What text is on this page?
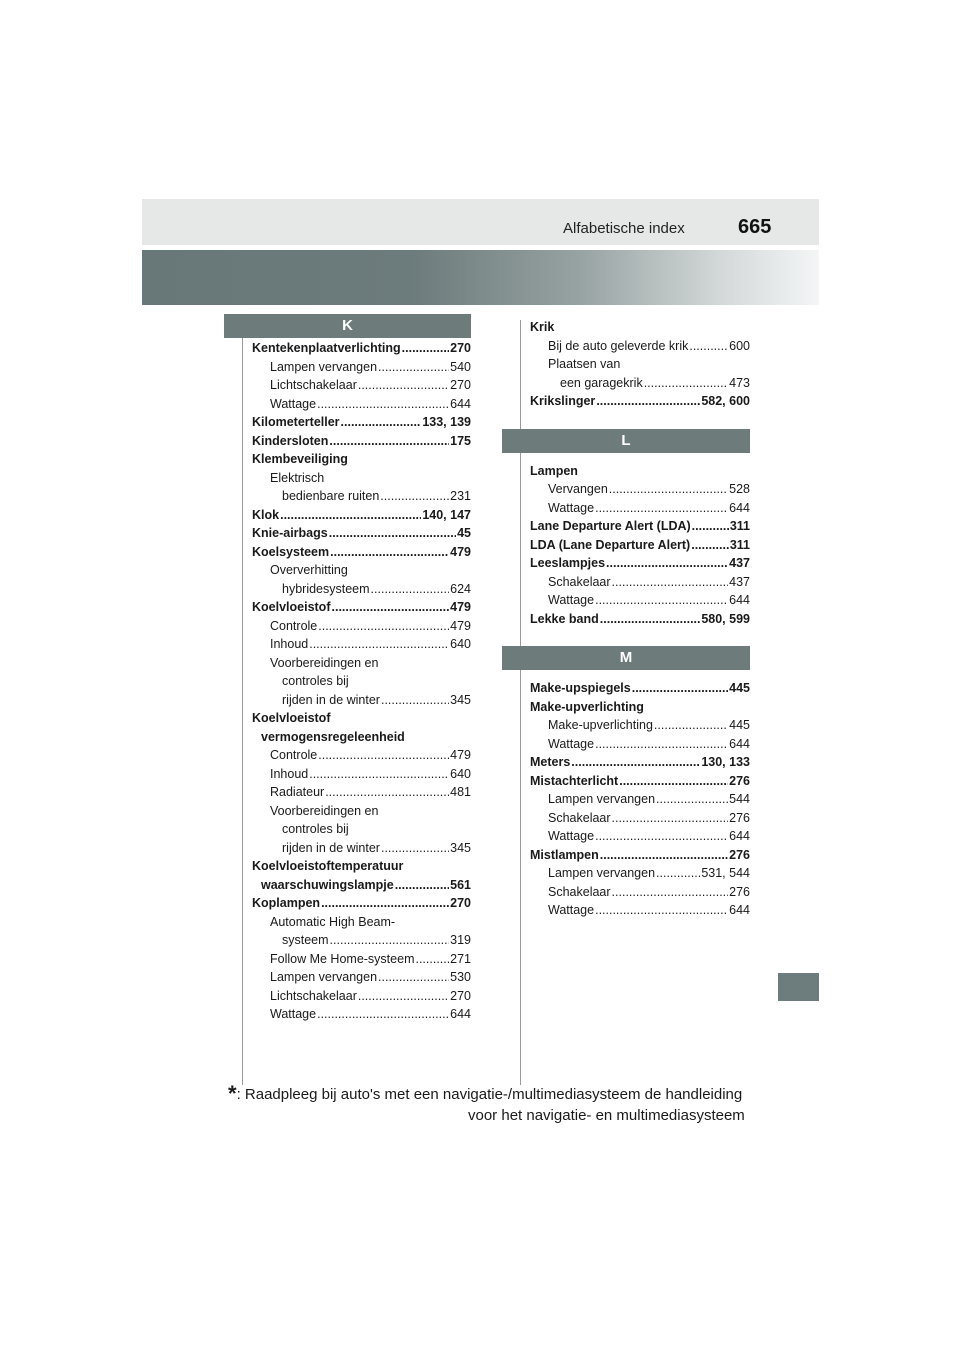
Alfabetische index	665
K
Kentekenplaatverlichting .....	270
Lampen vervangen .....	540
Lichtschakelaar .....	270
Wattage .....	644
Kilometerteller .....	133, 139
Kindersloten .....	175
Klembeveiliging
Elektrisch
bedienbare ruiten .....	231
Klok .....	140, 147
Knie-airbags .....	45
Koelsysteem .....	479
Oververhitting
hybridesysteem .....	624
Koelvloeistof .....	479
Controle .....	479
Inhoud .....	640
Voorbereidingen en
controles bij
rijden in de winter .....	345
Koelvloeistof
vermogensregeleenheid
Controle .....	479
Inhoud .....	640
Radiateur .....	481
Voorbereidingen en
controles bij
rijden in de winter .....	345
Koelvloeistoftemperatuur
waarschuwingslampje .....	561
Koplampen .....	270
Automatic High Beam-
systeem .....	319
Follow Me Home-systeem .....	271
Lampen vervangen .....	530
Lichtschakelaar .....	270
Wattage .....	644
Krik
Bij de auto geleverde krik .....	600
Plaatsen van
een garagekrik .....	473
Krikslinger .....	582, 600
L
Lampen
Vervangen .....	528
Wattage .....	644
Lane Departure Alert (LDA) .....	311
LDA (Lane Departure Alert) .....	311
Leeslampjes .....	437
Schakelaar .....	437
Wattage .....	644
Lekke band .....	580, 599
M
Make-upspiegels .....	445
Make-upverlichting
Make-upverlichting .....	445
Wattage .....	644
Meters .....	130, 133
Mistachterlicht .....	276
Lampen vervangen .....	544
Schakelaar .....	276
Wattage .....	644
Mistlampen .....	276
Lampen vervangen .....	531, 544
Schakelaar .....	276
Wattage .....	644
*: Raadpleeg bij auto's met een navigatie-/multimediasysteem de handleiding
voor het navigatie- en multimediasysteem
